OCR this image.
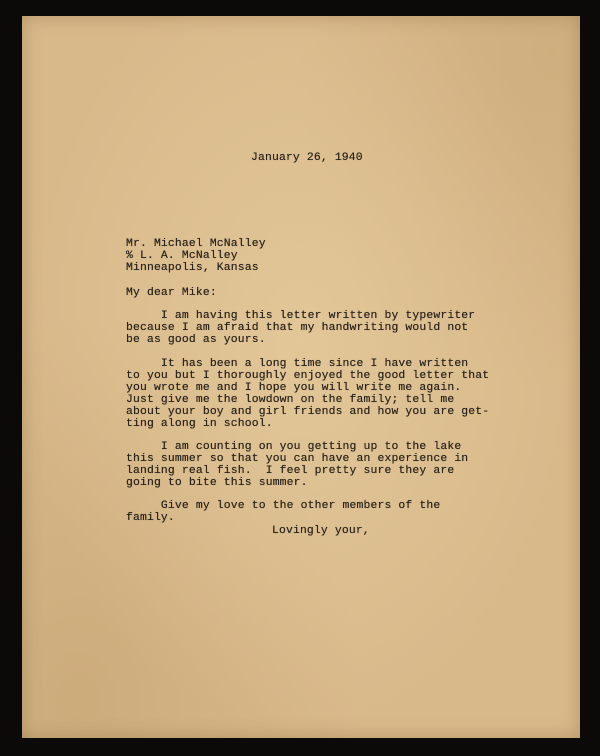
January 26, 1940

Mr. Michael McNalley

% L. A. McNalley

Minneapolis, Kansas

My dear Mike:

I am having this letter written by typewriter

because I am afraid that my handwriting would not

be as good as yours.

It has been a long time since I have written

to you but I thoroughly enjoyed the good letter that

you wrote me and I hope you will write me again.

Just give me the lowdown on the family; tell me

about your boy and girl friends and how you are get-

ting along in school.

I am counting on you getting up to the lake

this summer so that you can have an experience in

landing real fish.  I feel pretty sure they are

going to bite this summer.

Give my love to the other members of the

family.

Lovingly your,
